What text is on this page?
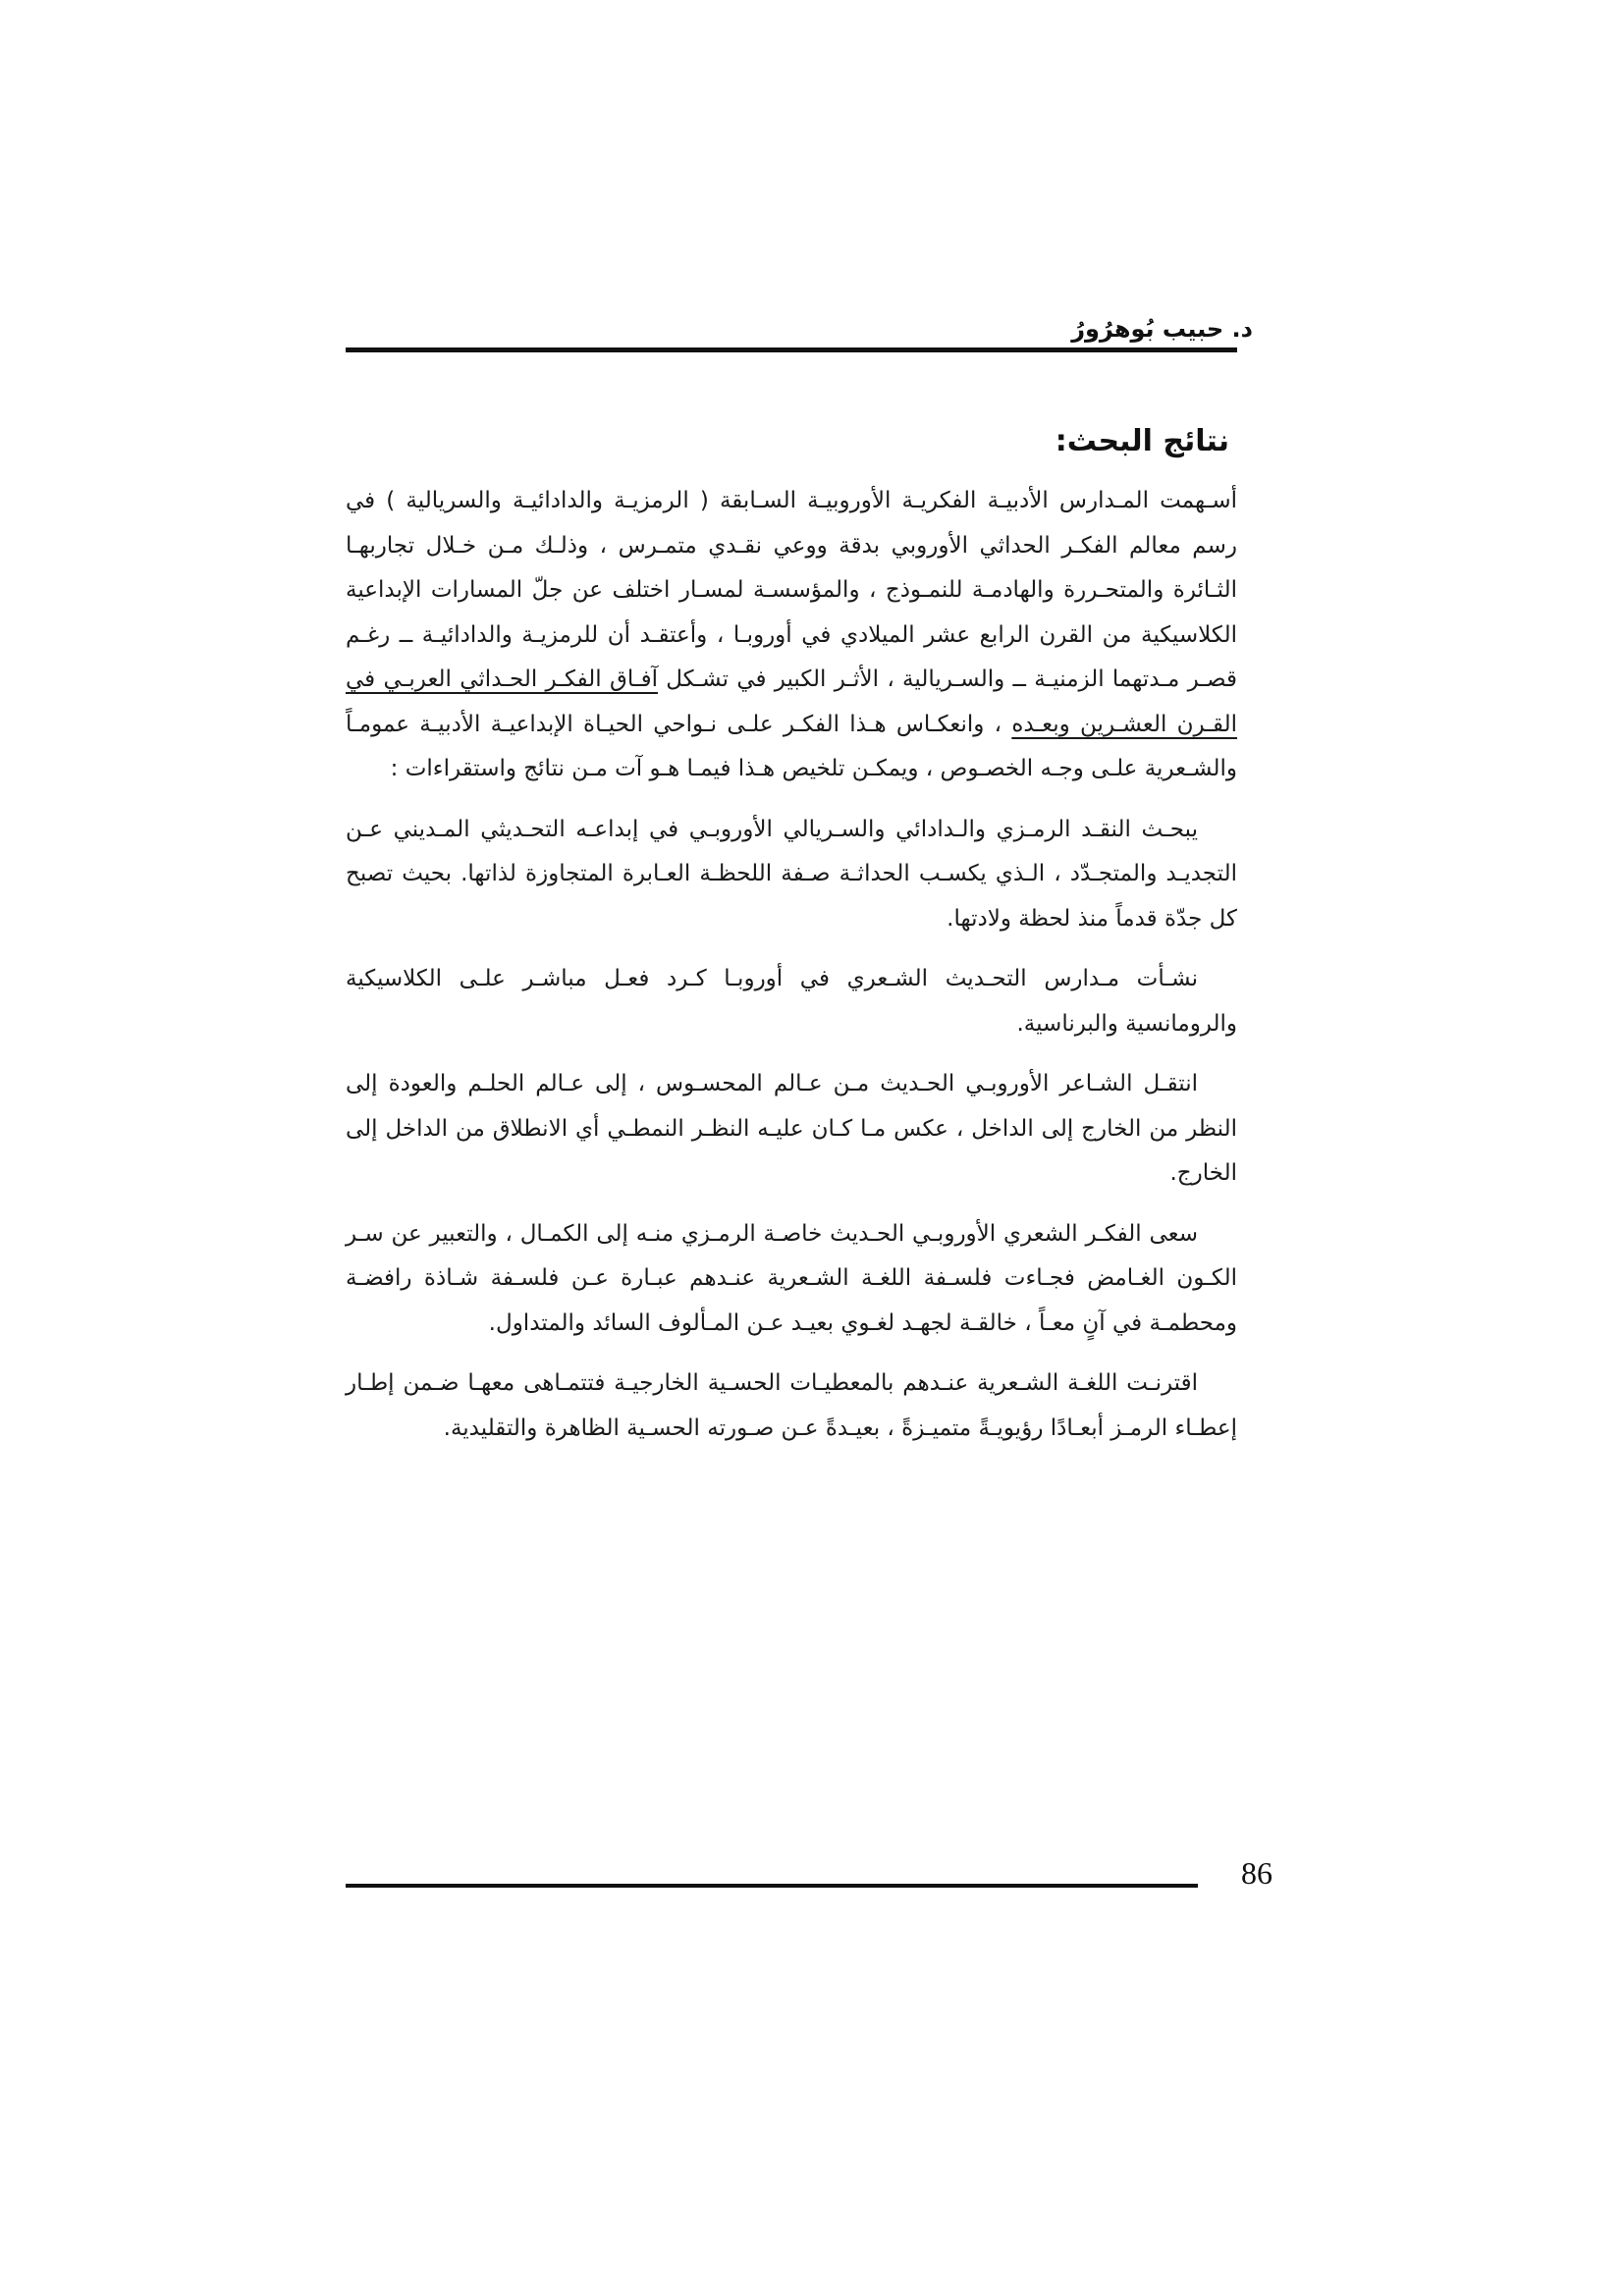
د. حبيب بُوهرُورُ
نتائج البحث:

أسـهمت المـدارس الأدبيـة الفكريـة الأوروبيـة السـابقة ( الرمزيـة والدادائيـة والسريالية ) في رسم معالم الفكـر الحداثي الأوروبي بدقة ووعي نقـدي متمـرس ، وذلـك مـن خـلال تجاربهـا الثـائرة والمتحـررة والهادمـة للنمـوذج ، والمؤسسـة لمسـار اختلف عن جلّ المسارات الإبداعية الكلاسيكية من القرن الرابع عشر الميلادي في أوروبـا ، وأعتقـد أن للرمزيـة والدادائيـة ــ رغـم قصـر مـدتهما الزمنيـة ــ والسـريالية ، الأثـر الكبير في تشـكل آفـاق الفكـر الحـداثي العربـي في القـرن العشـرين وبعـده ، وانعكـاس هـذا الفكـر علـى نـواحي الحيـاة الإبداعيـة الأدبيـة عمومـاً والشـعرية علـى وجـه الخصـوص ، ويمكـن تلخيص هـذا فيمـا هـو آت مـن نتائج واستقراءات :

يبحـث النقـد الرمـزي والـدادائي والسـريالي الأوروبـي في إبداعـه التحـديثي المـديني عـن التجديـد والمتجـدّد ، الـذي يكسـب الحداثـة صـفة اللحظـة العـابرة المتجاوزة لذاتها. بحيث تصبح كل جدّة قدماً منذ لحظة ولادتها.

نشـأت مـدارس التحـديث الشـعري في أوروبـا كـرد فعـل مباشـر علـى الكلاسيكية والرومانسية والبرناسية.

انتقـل الشـاعر الأوروبـي الحـديث مـن عـالم المحسـوس ، إلى عـالم الحلـم والعودة إلى النظر من الخارج إلى الداخل ، عكس مـا كـان عليـه النظـر النمطـي أي الانطلاق من الداخل إلى الخارج.

سعى الفكـر الشعري الأوروبـي الحـديث خاصـة الرمـزي منـه إلى الكمـال ، والتعبير عن سـر الكـون الغـامض فجـاءت فلسـفة اللغـة الشـعرية عنـدهم عبـارة عـن فلسـفة شـاذة رافضـة ومحطمـة في آنٍ معـاً ، خالقـة لجهـد لغـوي بعيـد عـن المـألوف السائد والمتداول.

اقترنـت اللغـة الشـعرية عنـدهم بالمعطيـات الحسـية الخارجيـة فتتمـاهى معهـا ضـمن إطـار إعطـاء الرمـز أبعـادًا رؤيويـةً متميـزةً ، بعيـدةً عـن صـورته الحسـية الظاهرة والتقليدية.

86
